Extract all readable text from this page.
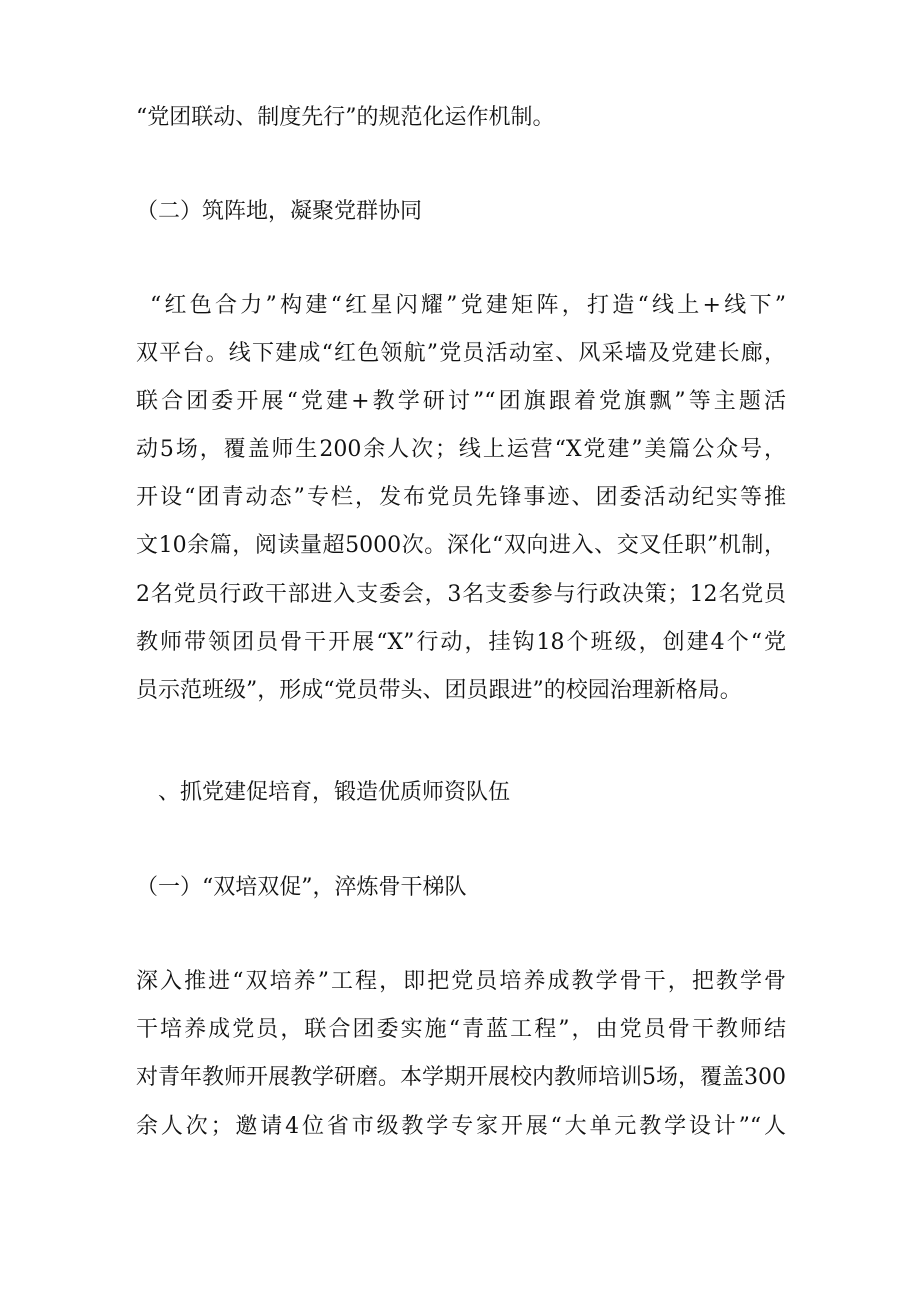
“党团联动、制度先行”的规范化运作机制。
（二）筑阵地，凝聚党群协同
“红色合力”构建“红星闪耀”党建矩阵，打造“线上+线下”
双平台。线下建成“红色领航”党员活动室、风采墙及党建长廊，
联合团委开展“党建+教学研讨”“团旗跟着党旗飘”等主题活
动5场，覆盖师生200余人次；线上运营“X党建”美篇公众号，
开设“团青动态”专栏，发布党员先锋事迹、团委活动纪实等推
文10余篇，阅读量超5000次。深化“双向进入、交叉任职”机制，
2名党员行政干部进入支委会，3名支委参与行政决策；12名党员
教师带领团员骨干开展“X”行动，挂钩18个班级，创建4个“党
员示范班级”，形成“党员带头、团员跟进”的校园治理新格局。
、抓党建促培育，锻造优质师资队伍
（一）“双培双促”，淬炼骨干梯队
深入推进“双培养”工程，即把党员培养成教学骨干，把教学骨
干培养成党员，联合团委实施“青蓝工程”，由党员骨干教师结
对青年教师开展教学研磨。本学期开展校内教师培训5场，覆盖300
余人次；邀请4位省市级教学专家开展“大单元教学设计”“人
